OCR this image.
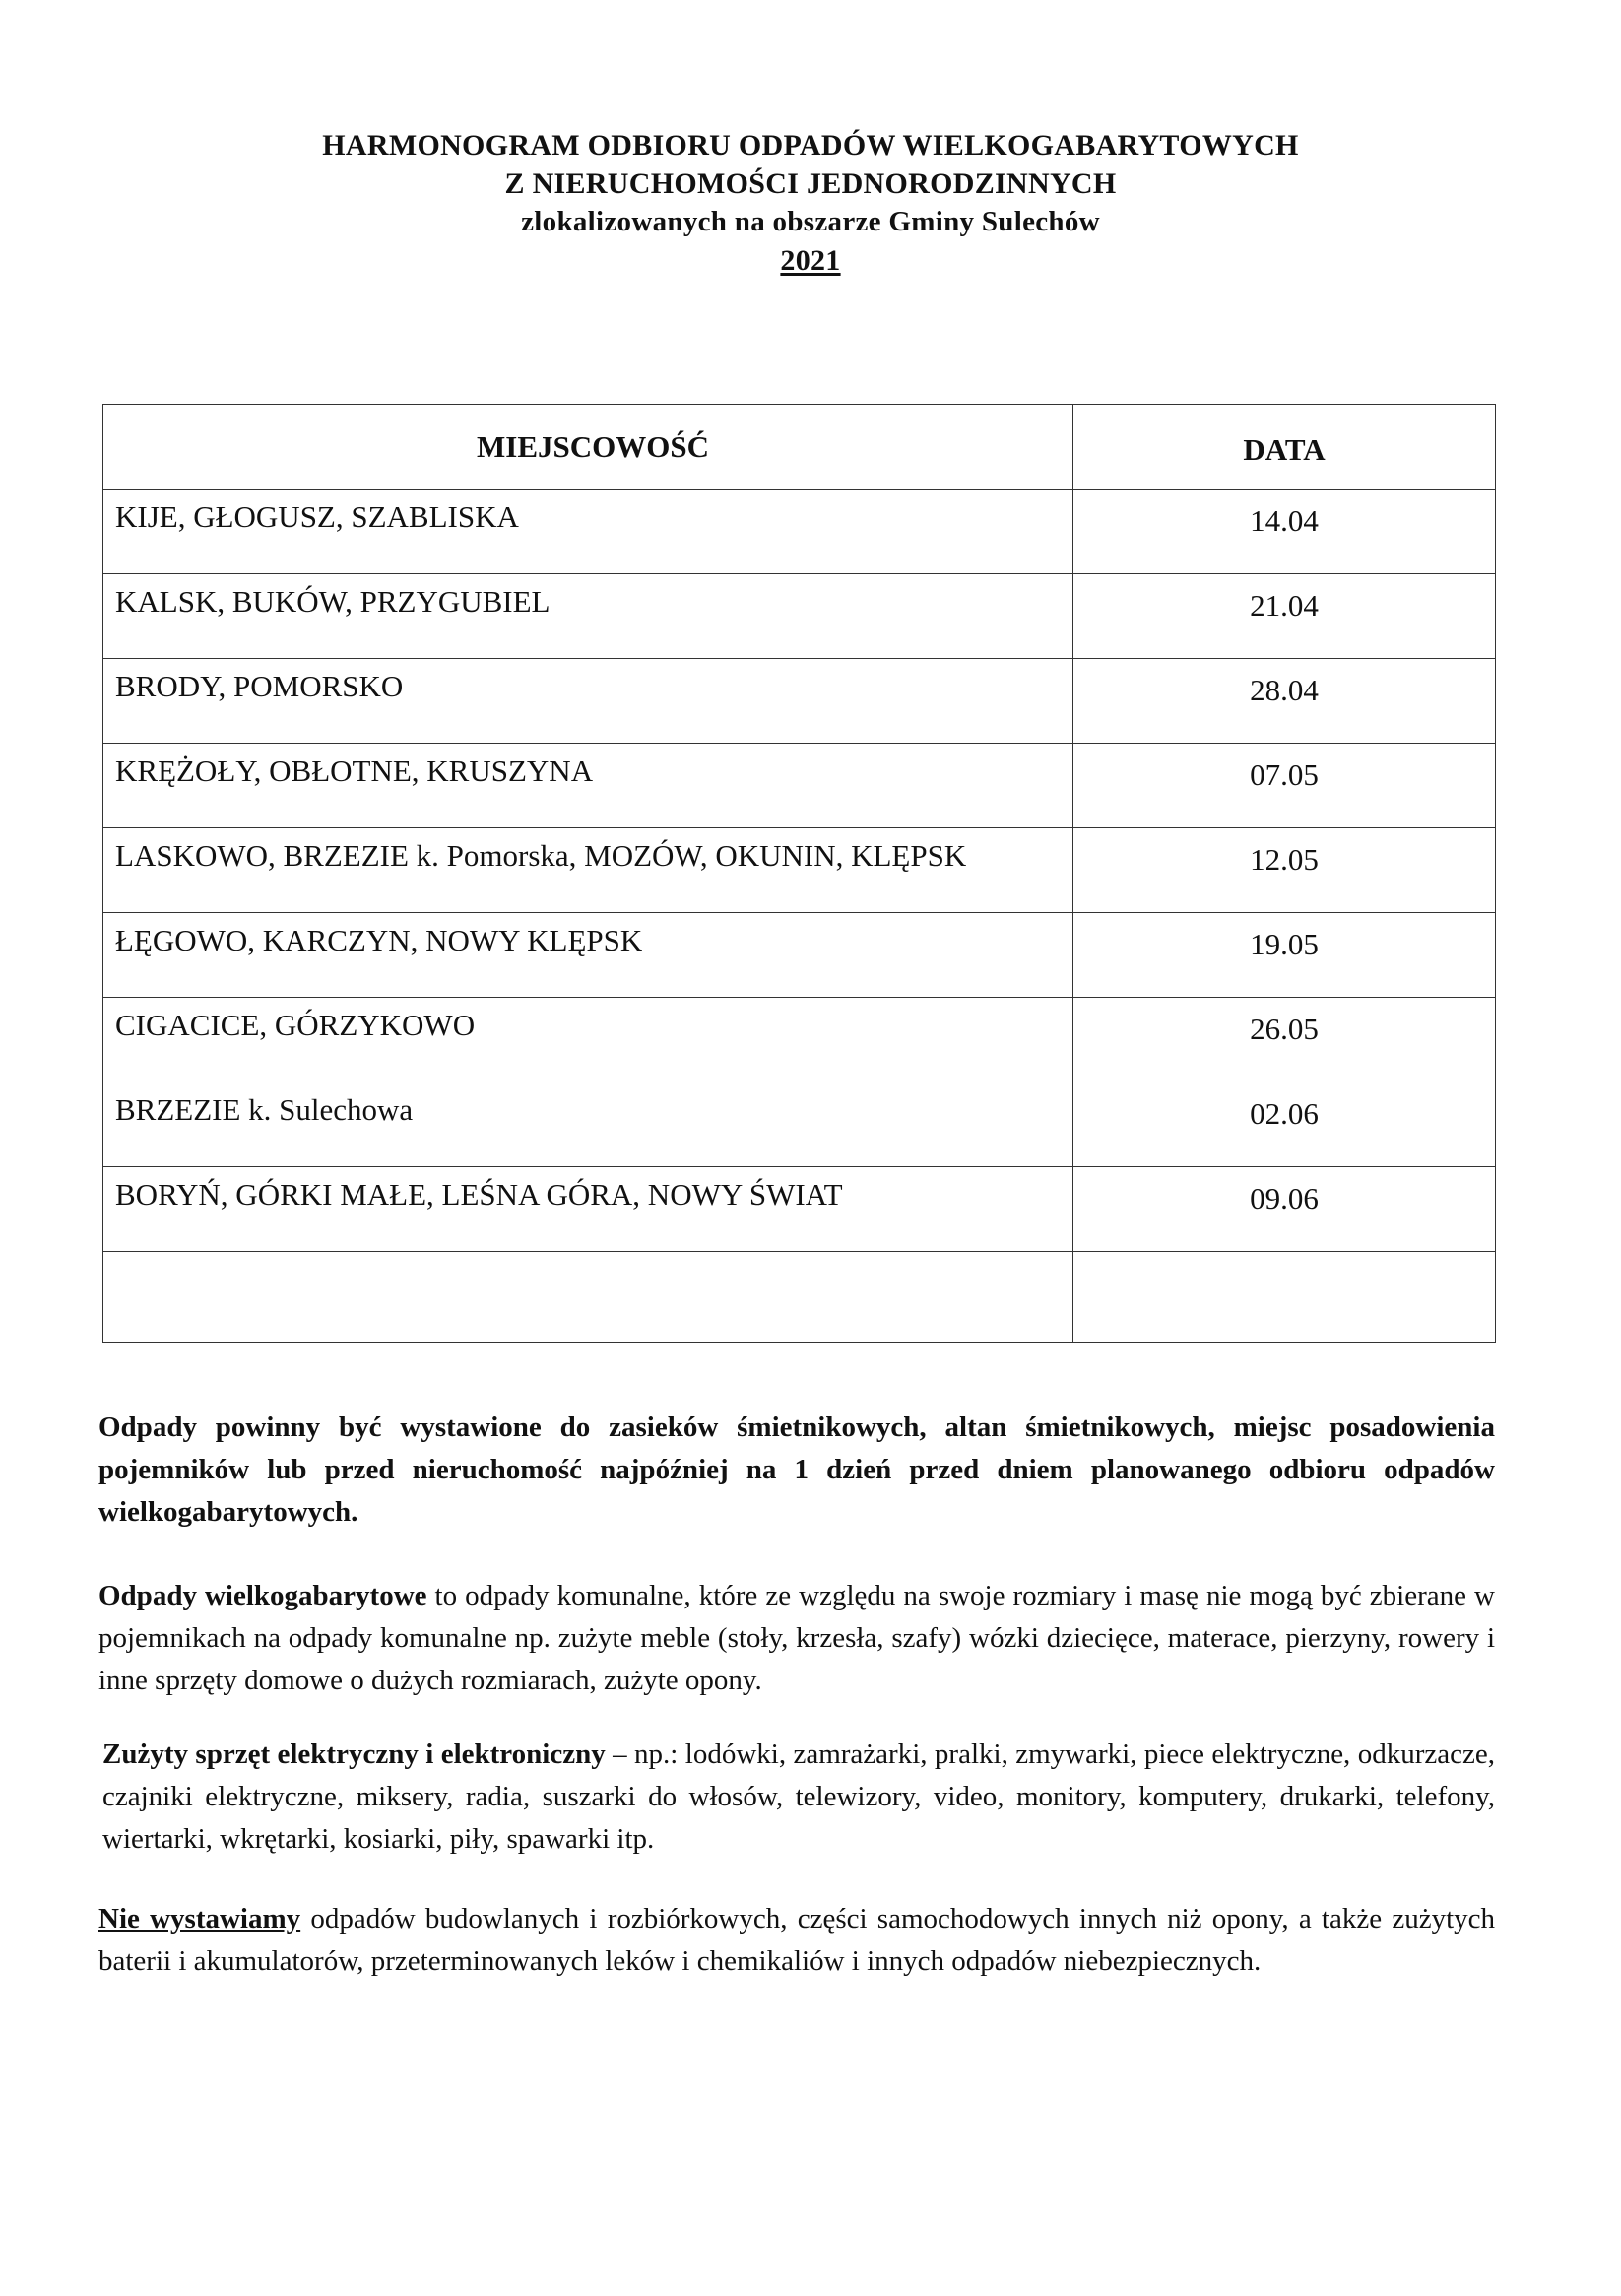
HARMONOGRAM ODBIORU ODPADÓW WIELKOGABARYTOWYCH
Z NIERUCHOMOŚCI JEDNORODZINNYCH
zlokalizowanych na obszarze Gminy Sulechów
2021
MIEJSCOWOŚĆ	DATA
KIJE, GŁOGUSZ, SZABLISKA	14.04
KALSK, BUKÓW, PRZYGUBIEL	21.04
BRODY, POMORSKO	28.04
KRĘŻOŁY, OBŁOTNE, KRUSZYNA	07.05
LASKOWO, BRZEZIE k. Pomorska, MOZÓW, OKUNIN, KLĘPSK	12.05
ŁĘGOWO, KARCZYN, NOWY KLĘPSK	19.05
CIGACICE, GÓRZYKOWO	26.05
BRZEZIE k. Sulechowa	02.06
BORYŃ, GÓRKI MAŁE, LEŚNA GÓRA, NOWY ŚWIAT	09.06

Odpady powinny być wystawione do zasieków śmietnikowych, altan śmietnikowych, miejsc posadowienia pojemników lub przed nieruchomość najpóźniej na 1 dzień przed dniem planowanego odbioru odpadów wielkogabarytowych.

Odpady wielkogabarytowe to odpady komunalne, które ze względu na swoje rozmiary i masę nie mogą być zbierane w pojemnikach na odpady komunalne np. zużyte meble (stoły, krzesła, szafy) wózki dziecięce, materace, pierzyny, rowery i inne sprzęty domowe o dużych rozmiarach, zużyte opony.

Zużyty sprzęt elektryczny i elektroniczny – np.: lodówki, zamrażarki, pralki, zmywarki, piece elektryczne, odkurzacze, czajniki elektryczne, miksery, radia, suszarki do włosów, telewizory, video, monitory, komputery, drukarki, telefony, wiertarki, wkrętarki, kosiarki, piły, spawarki itp.

Nie wystawiamy odpadów budowlanych i rozbiórkowych, części samochodowych innych niż opony, a także zużytych baterii i akumulatorów, przeterminowanych leków i chemikaliów i innych odpadów niebezpiecznych.
